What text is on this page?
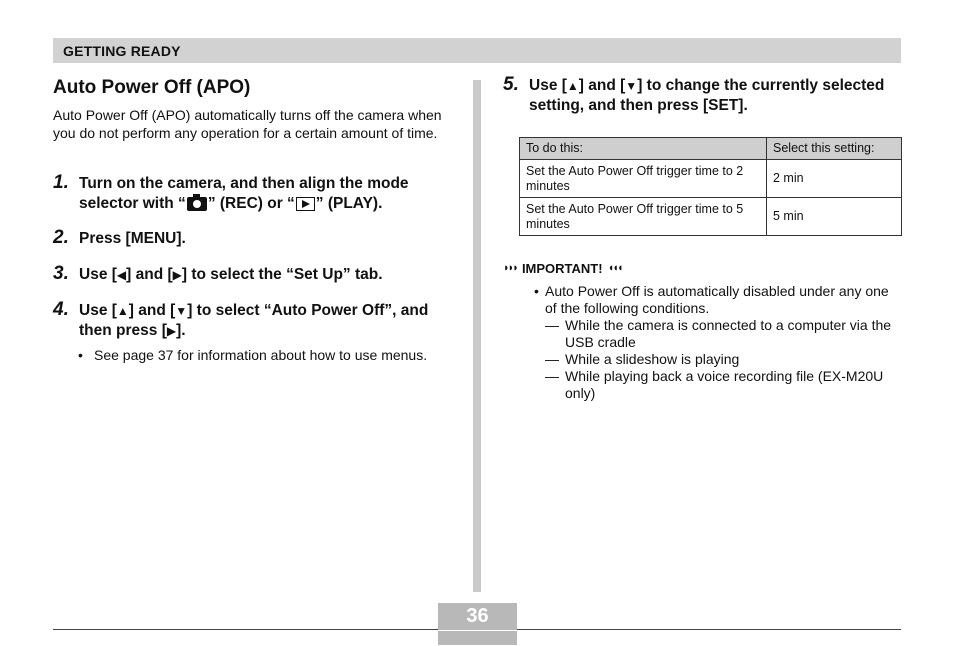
GETTING READY
Auto Power Off (APO)
Auto Power Off (APO) automatically turns off the camera when you do not perform any operation for a certain amount of time.
1. Turn on the camera, and then align the mode selector with “ ” (REC) or “ ” (PLAY).
2. Press [MENU].
3. Use [◀] and [▶] to select the “Set Up” tab.
4. Use [▲] and [▼] to select “Auto Power Off”, and then press [▶].
• See page 37 for information about how to use menus.
5. Use [▲] and [▼] to change the currently selected setting, and then press [SET].
To do this:	Select this setting:
Set the Auto Power Off trigger time to 2 minutes	2 min
Set the Auto Power Off trigger time to 5 minutes	5 min
◗◗◗ IMPORTANT! ◖◖◖
• Auto Power Off is automatically disabled under any one of the following conditions.
— While the camera is connected to a computer via the USB cradle
— While a slideshow is playing
— While playing back a voice recording file (EX-M20U only)
36
